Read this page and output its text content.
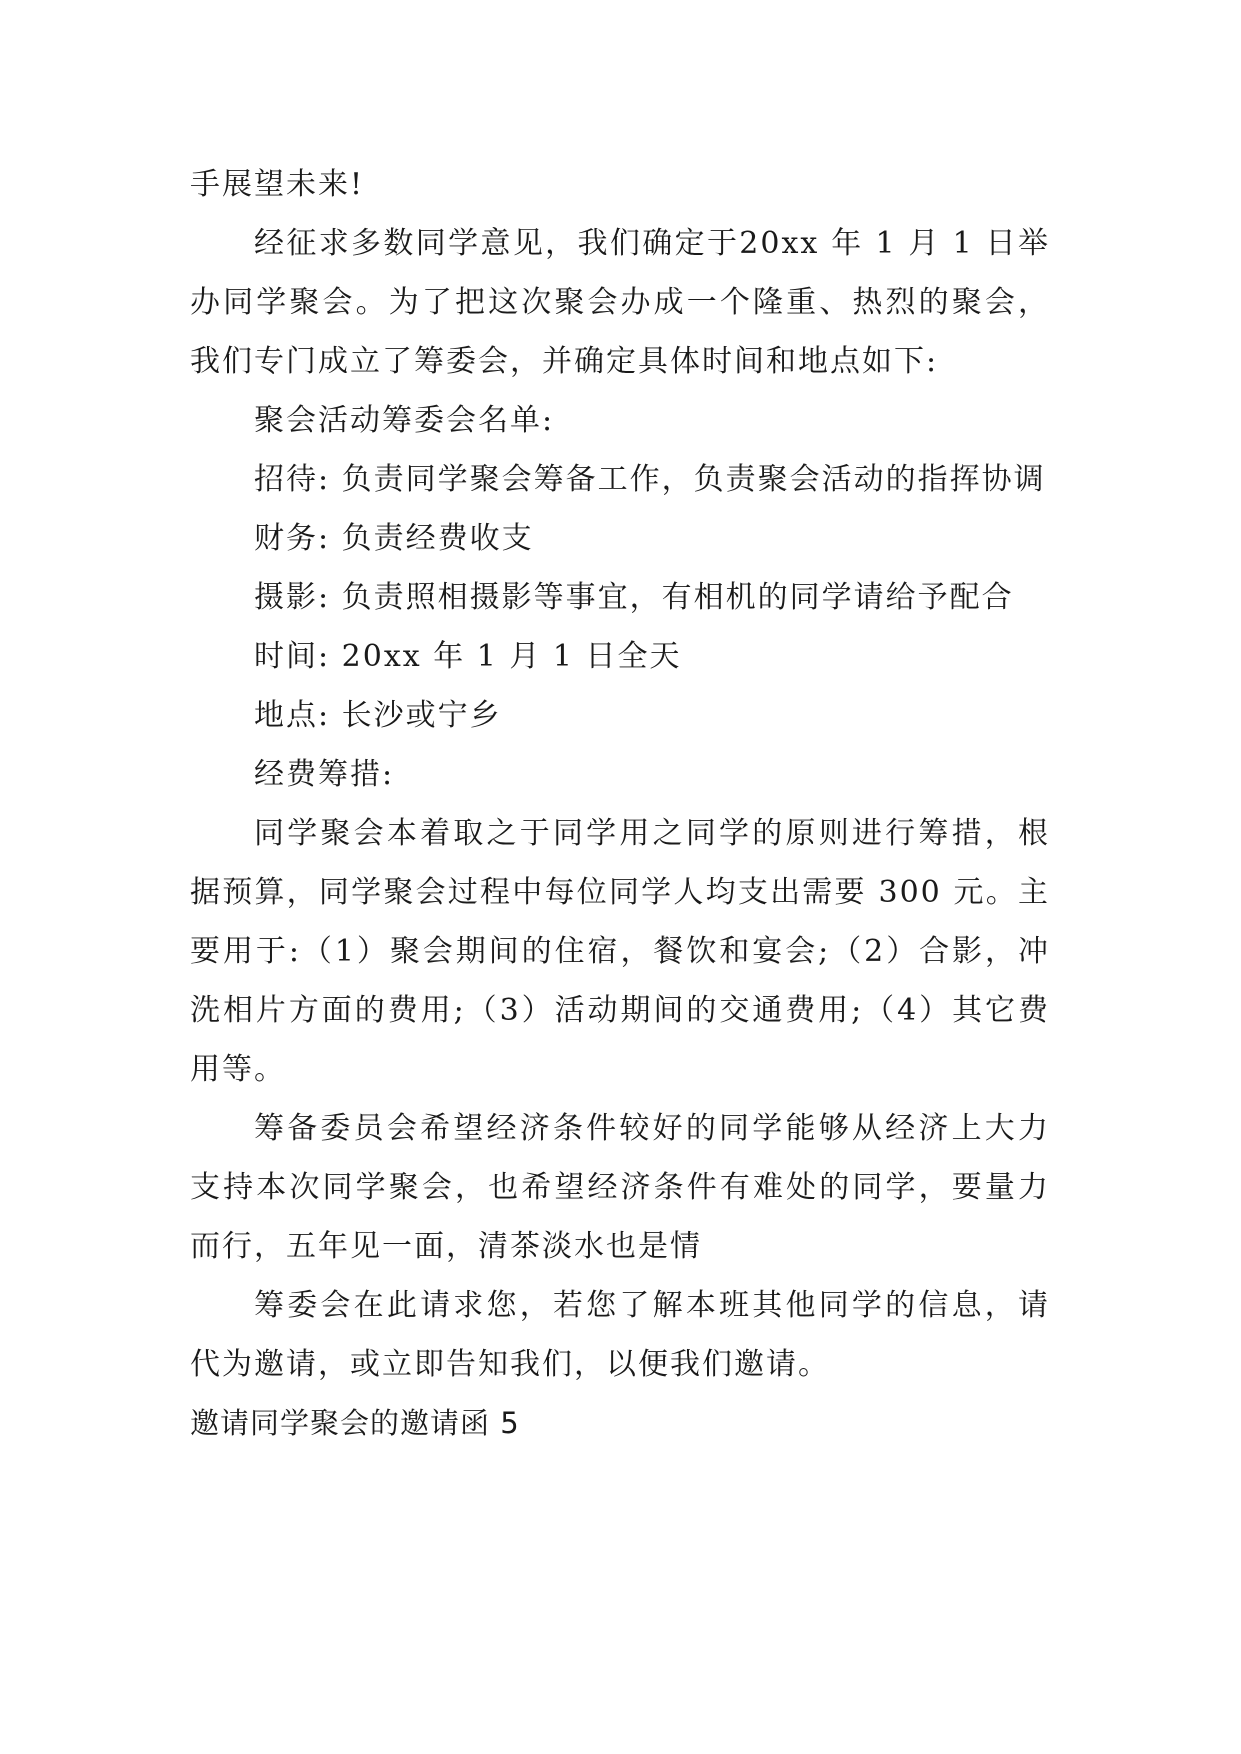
手展望未来!

经征求多数同学意见，我们确定于20xx 年 1 月 1 日举办同学聚会。为了把这次聚会办成一个隆重、热烈的聚会，我们专门成立了筹委会，并确定具体时间和地点如下:

聚会活动筹委会名单:

招待: 负责同学聚会筹备工作，负责聚会活动的指挥协调

财务: 负责经费收支

摄影: 负责照相摄影等事宜，有相机的同学请给予配合

时间: 20xx 年 1 月 1 日全天

地点: 长沙或宁乡

经费筹措:

同学聚会本着取之于同学用之同学的原则进行筹措，根据预算，同学聚会过程中每位同学人均支出需要 300 元。主要用于:（1）聚会期间的住宿，餐饮和宴会;（2）合影，冲洗相片方面的费用;（3）活动期间的交通费用;（4）其它费用等。

筹备委员会希望经济条件较好的同学能够从经济上大力支持本次同学聚会，也希望经济条件有难处的同学，要量力而行，五年见一面，清茶淡水也是情

筹委会在此请求您，若您了解本班其他同学的信息，请代为邀请，或立即告知我们，以便我们邀请。

邀请同学聚会的邀请函 5
